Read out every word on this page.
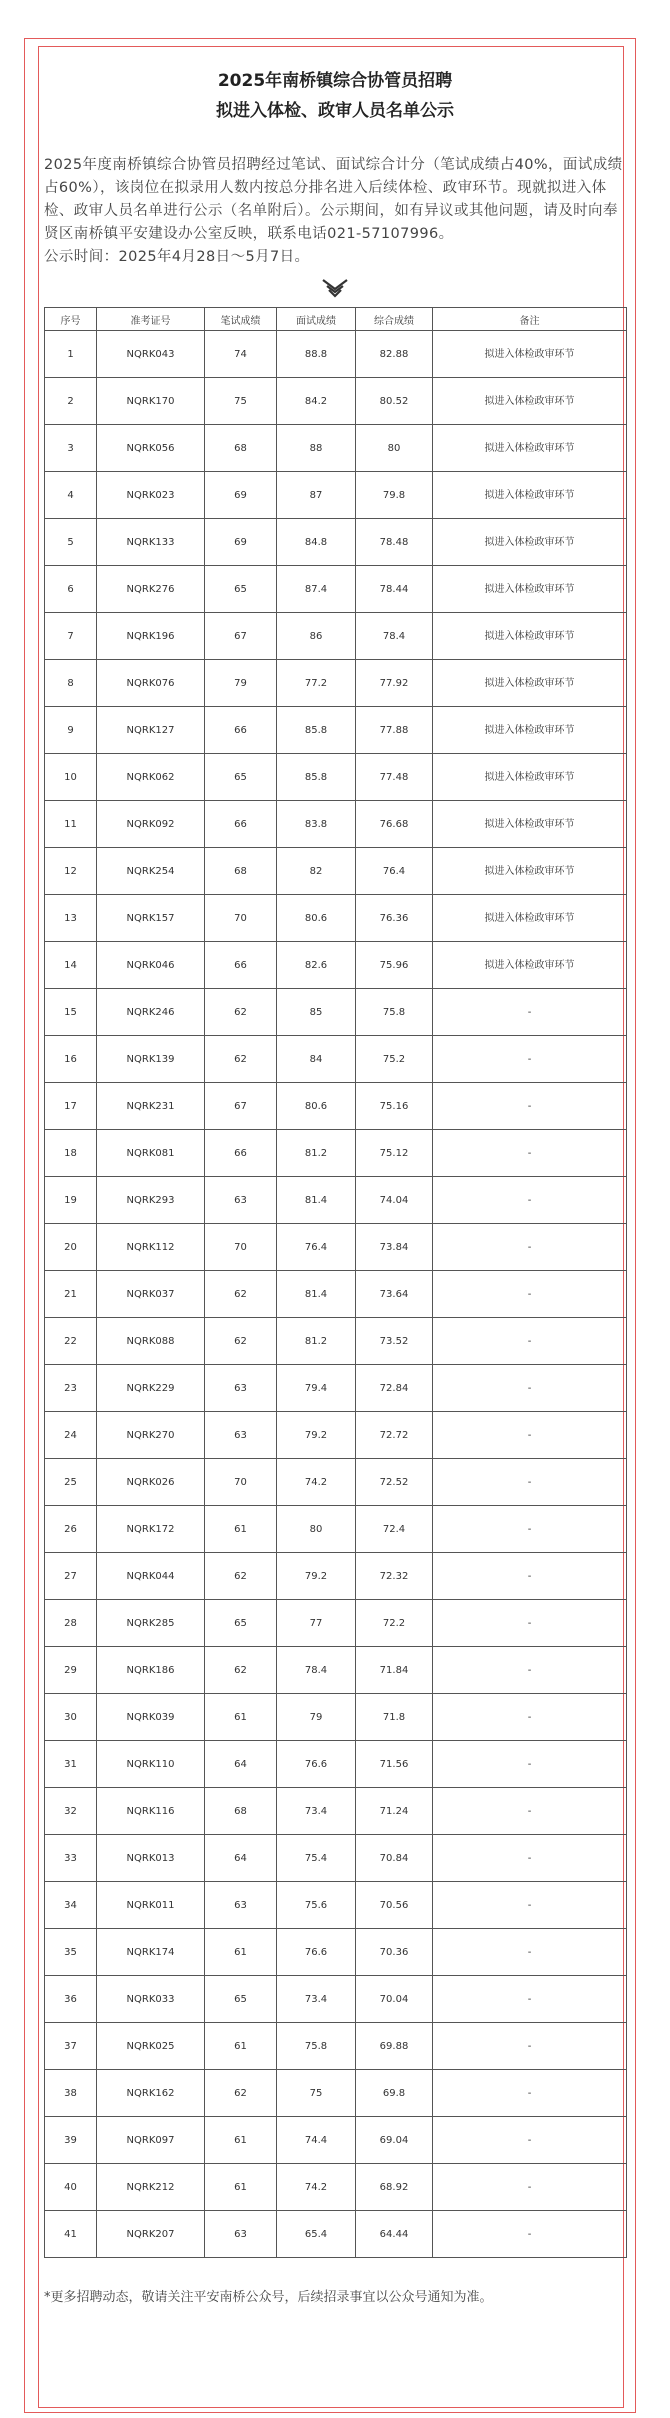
2025年南桥镇综合协管员招聘

拟进入体检、政审人员名单公示

2025年度南桥镇综合协管员招聘经过笔试、面试综合计分（笔试成绩占40%，面试成绩占60%），该岗位在拟录用人数内按总分排名进入后续体检、政审环节。现就拟进入体检、政审人员名单进行公示（名单附后）。公示期间，如有异议或其他问题，请及时向奉贤区南桥镇平安建设办公室反映，联系电话021-57107996。

公示时间：2025年4月28日～5月7日。

序号	准考证号	笔试成绩	面试成绩	综合成绩	备注
1	NQRK043	74	88.8	82.88	拟进入体检政审环节
2	NQRK170	75	84.2	80.52	拟进入体检政审环节
3	NQRK056	68	88	80	拟进入体检政审环节
4	NQRK023	69	87	79.8	拟进入体检政审环节
5	NQRK133	69	84.8	78.48	拟进入体检政审环节
6	NQRK276	65	87.4	78.44	拟进入体检政审环节
7	NQRK196	67	86	78.4	拟进入体检政审环节
8	NQRK076	79	77.2	77.92	拟进入体检政审环节
9	NQRK127	66	85.8	77.88	拟进入体检政审环节
10	NQRK062	65	85.8	77.48	拟进入体检政审环节
11	NQRK092	66	83.8	76.68	拟进入体检政审环节
12	NQRK254	68	82	76.4	拟进入体检政审环节
13	NQRK157	70	80.6	76.36	拟进入体检政审环节
14	NQRK046	66	82.6	75.96	拟进入体检政审环节
15	NQRK246	62	85	75.8	-
16	NQRK139	62	84	75.2	-
17	NQRK231	67	80.6	75.16	-
18	NQRK081	66	81.2	75.12	-
19	NQRK293	63	81.4	74.04	-
20	NQRK112	70	76.4	73.84	-
21	NQRK037	62	81.4	73.64	-
22	NQRK088	62	81.2	73.52	-
23	NQRK229	63	79.4	72.84	-
24	NQRK270	63	79.2	72.72	-
25	NQRK026	70	74.2	72.52	-
26	NQRK172	61	80	72.4	-
27	NQRK044	62	79.2	72.32	-
28	NQRK285	65	77	72.2	-
29	NQRK186	62	78.4	71.84	-
30	NQRK039	61	79	71.8	-
31	NQRK110	64	76.6	71.56	-
32	NQRK116	68	73.4	71.24	-
33	NQRK013	64	75.4	70.84	-
34	NQRK011	63	75.6	70.56	-
35	NQRK174	61	76.6	70.36	-
36	NQRK033	65	73.4	70.04	-
37	NQRK025	61	75.8	69.88	-
38	NQRK162	62	75	69.8	-
39	NQRK097	61	74.4	69.04	-
40	NQRK212	61	74.2	68.92	-
41	NQRK207	63	65.4	64.44	-

*更多招聘动态，敬请关注平安南桥公众号，后续招录事宜以公众号通知为准。
